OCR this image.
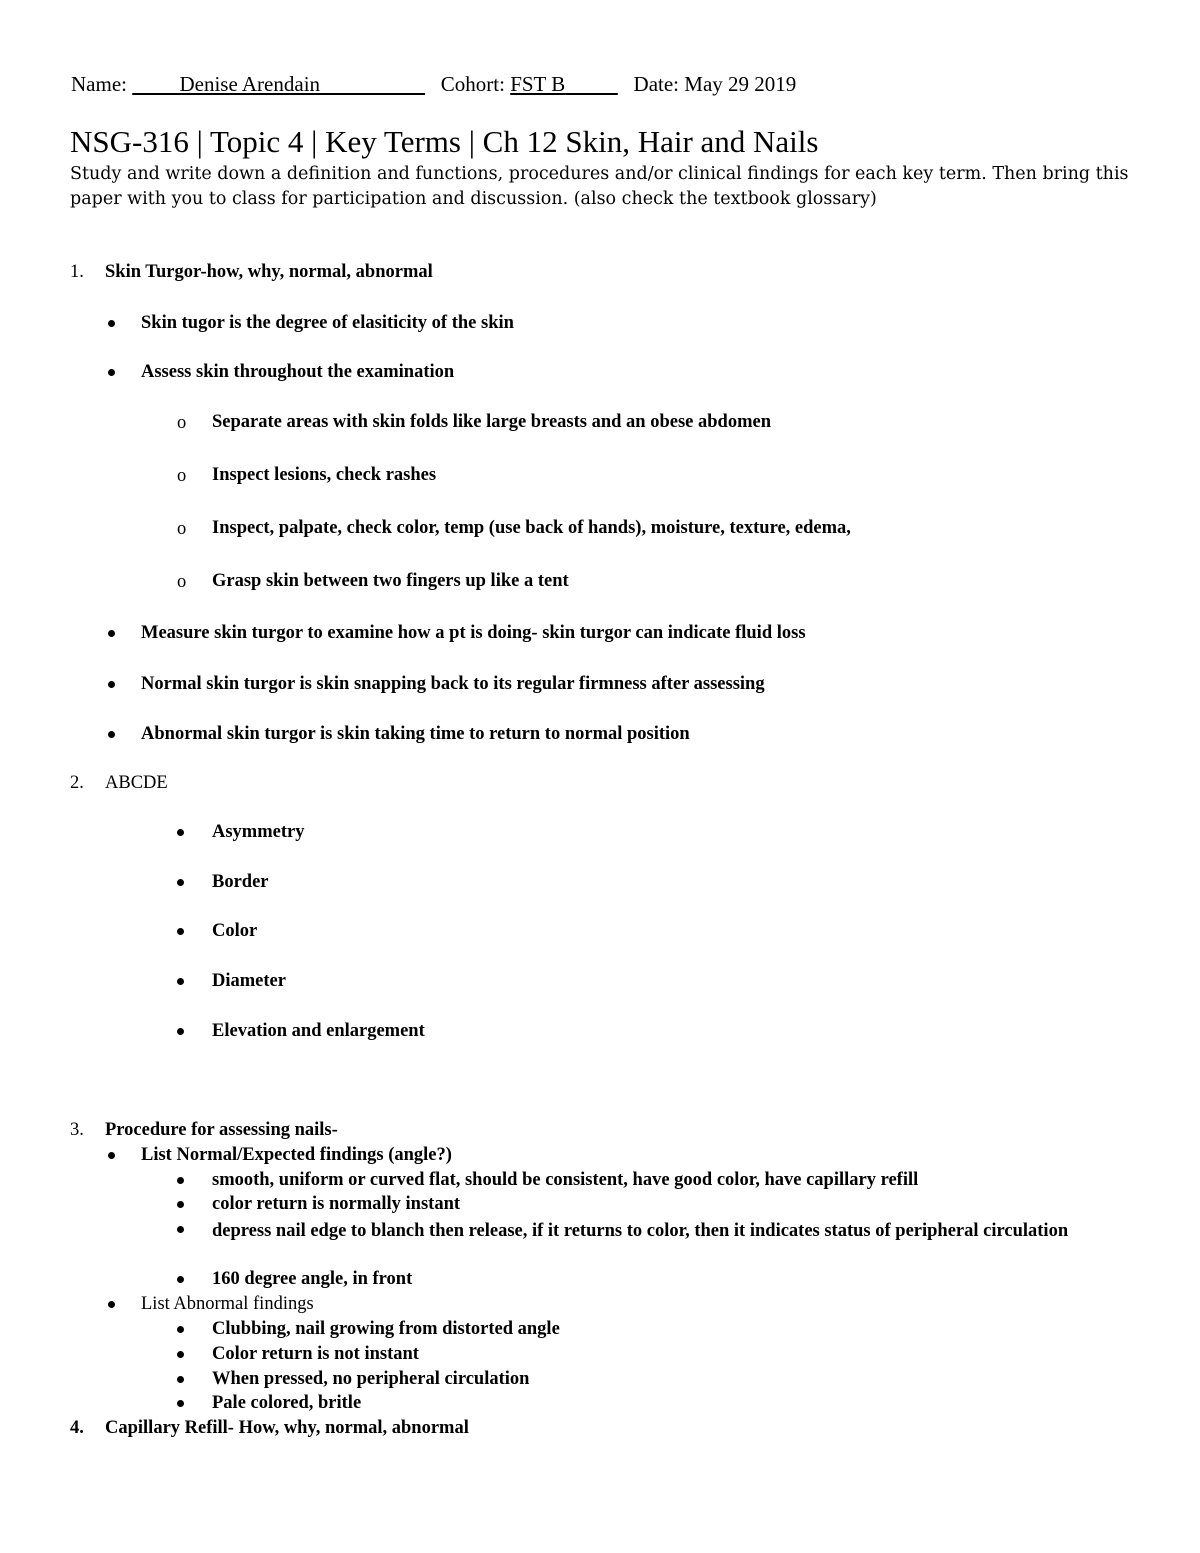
Name:	Denise Arendain	Cohort: FST B	Date: May 29 2019
NSG-316 | Topic 4 | Key Terms | Ch 12 Skin, Hair and Nails
Study and write down a definition and functions, procedures and/or clinical findings for each key term. Then bring this paper with you to class for participation and discussion. (also check the textbook glossary)
1. Skin Turgor-how, why, normal, abnormal
Skin tugor is the degree of elasiticity of the skin
Assess skin throughout the examination
o Separate areas with skin folds like large breasts and an obese abdomen
o Inspect lesions, check rashes
o Inspect, palpate, check color, temp (use back of hands), moisture, texture, edema,
o Grasp skin between two fingers up like a tent
Measure skin turgor to examine how a pt is doing- skin turgor can indicate fluid loss
Normal skin turgor is skin snapping back to its regular firmness after assessing
Abnormal skin turgor is skin taking time to return to normal position
2. ABCDE
Asymmetry
Border
Color
Diameter
Elevation and enlargement
3. Procedure for assessing nails-
List Normal/Expected findings (angle?)
smooth, uniform or curved flat, should be consistent, have good color, have capillary refill
color return is normally instant
depress nail edge to blanch then release, if it returns to color, then it indicates status of peripheral circulation
160 degree angle, in front
List Abnormal findings
Clubbing, nail growing from distorted angle
Color return is not instant
When pressed, no peripheral circulation
Pale colored, britle
4. Capillary Refill- How, why, normal, abnormal
